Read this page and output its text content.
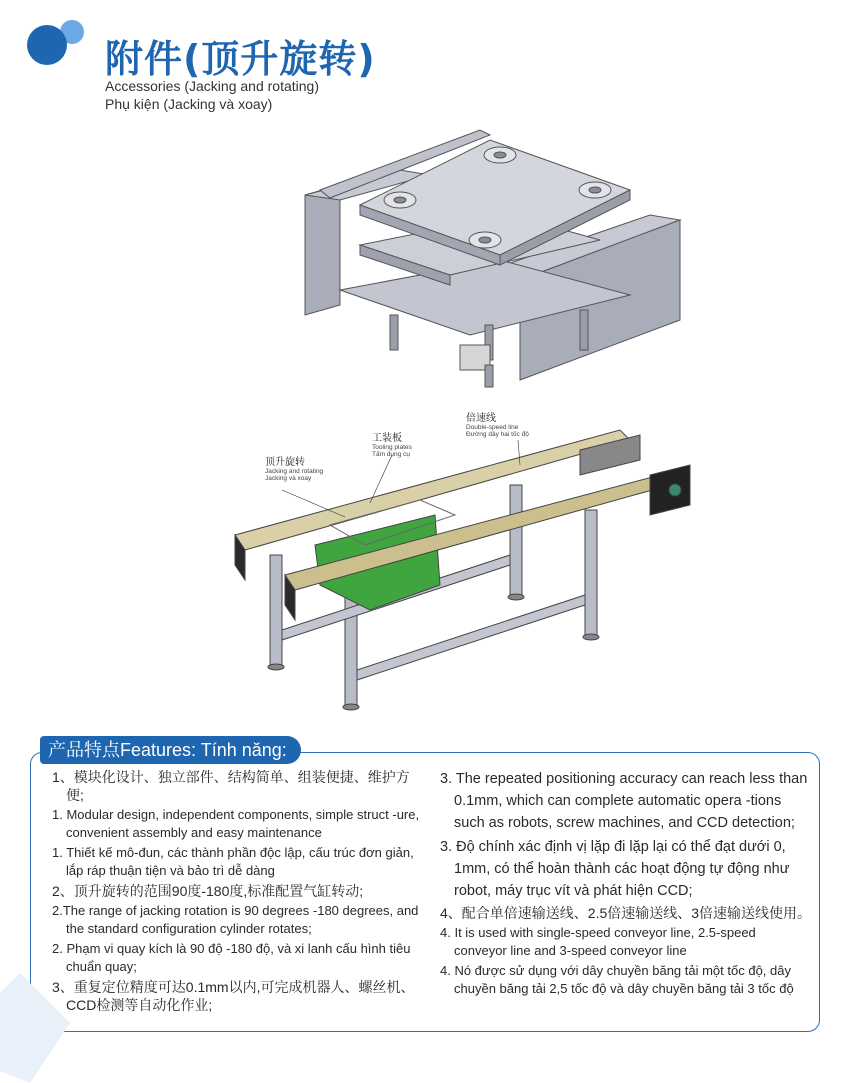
附件(顶升旋转)
Accessories (Jacking and rotating)
Phụ kiện (Jacking và xoay)
倍速线
Double-speed line
Đường dây hai tốc độ
工装板
Tooling plates
Tấm dụng cụ
顶升旋转
Jacking and rotating
Jacking và xoay
产品特点Features: Tính năng:

1、模块化设计、独立部件、结构简单、组装便捷、维护方便;

1. Modular design, independent components, simple struct -ure, convenient assembly and easy maintenance

1. Thiết kế mô-đun, các thành phần độc lập, cấu trúc đơn giản, lắp ráp thuận tiện và bảo trì dễ dàng

2、顶升旋转的范围90度-180度,标准配置气缸转动;

2.The range of jacking rotation is 90 degrees -180 degrees, and the standard configuration cylinder rotates;

2. Phạm vi quay kích là 90 độ -180 độ, và xi lanh cấu hình tiêu chuẩn quay;

3、重复定位精度可达0.1mm以内,可完成机器人、螺丝机、CCD检测等自动化作业;

3. The repeated positioning accuracy can reach less than 0.1mm, which can complete automatic opera -tions such as robots, screw machines, and CCD detection;

3. Độ chính xác định vị lặp đi lặp lại có thể đạt dưới 0, 1mm, có thể hoàn thành các hoạt động tự động như robot, máy trục vít và phát hiện CCD;

4、配合单倍速输送线、2.5倍速输送线、3倍速输送线使用。

4. It is used with single-speed conveyor line, 2.5-speed conveyor line and 3-speed conveyor line

4. Nó được sử dụng với dây chuyền băng tải một tốc độ, dây chuyền băng tải 2,5 tốc độ và dây chuyền băng tải 3 tốc độ
